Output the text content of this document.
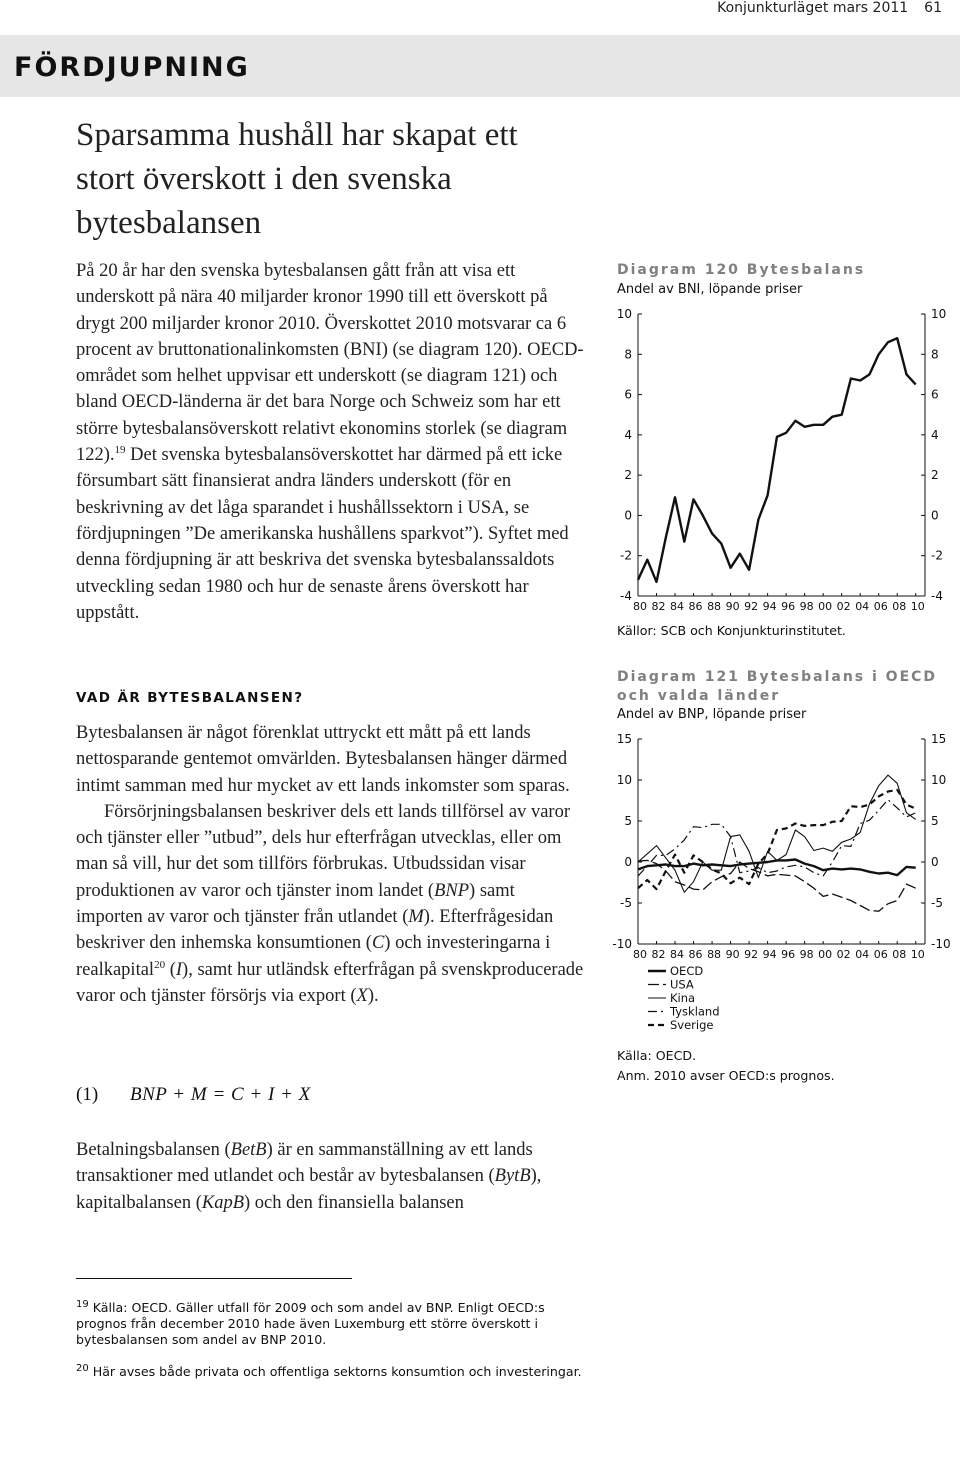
Konjunkturläget mars 2011 61
FÖRDJUPNING
Sparsamma hushåll har skapat ett stort överskott i den svenska bytesbalansen

På 20 år har den svenska bytesbalansen gått från att visa ett underskott på nära 40 miljarder kronor 1990 till ett överskott på drygt 200 miljarder kronor 2010. Överskottet 2010 motsvarar ca 6 procent av bruttonationalinkomsten (BNI) (se diagram 120). OECD-området som helhet uppvisar ett underskott (se diagram 121) och bland OECD-länderna är det bara Norge och Schweiz som har ett större bytesbalansöverskott relativt ekonomins storlek (se diagram 122).$^{19}$ Det svenska bytesbalansöverskottet har därmed på ett icke försumbart sätt finansierat andra länders underskott (för en beskrivning av det låga sparandet i hushållssektorn i USA, se fördjupningen ”De amerikanska hushållens sparkvot”). Syftet med denna fördjupning är att beskriva det svenska bytesbalanssaldots utveckling sedan 1980 och hur de senaste årens överskott har uppstått.

VAD ÄR BYTESBALANSEN?

Bytesbalansen är något förenklat uttryckt ett mått på ett lands nettosparande gentemot omvärlden. Bytesbalansen hänger därmed intimt samman med hur mycket av ett lands inkomster som sparas.

Försörjningsbalansen beskriver dels ett lands tillförsel av varor och tjänster eller ”utbud”, dels hur efterfrågan utvecklas, eller om man så vill, hur det som tillförs förbrukas. Utbudssidan visar produktionen av varor och tjänster inom landet (BNP) samt importen av varor och tjänster från utlandet (M). Efterfrågesidan beskriver den inhemska konsumtionen (C) och investeringarna i realkapital$^{20}$ (I), samt hur utländsk efterfrågan på svenskproducerade varor och tjänster försörjs via export (X).

(1) BNP + M = C + I + X

Betalningsbalansen (BetB) är en sammanställning av ett lands transaktioner med utlandet och består av bytesbalansen (BytB), kapitalbalansen (KapB) och den finansiella balansen

$^{19}$ Källa: OECD. Gäller utfall för 2009 och som andel av BNP. Enligt OECD:s prognos från december 2010 hade även Luxemburg ett större överskott i bytesbalansen som andel av BNP 2010.
$^{20}$ Här avses både privata och offentliga sektorns konsumtion och investeringar.
Diagram 120 Bytesbalans
Andel av BNI, löpande priser
10	10
8	8
6	6
4	4
2	2
0	0
-2	-2
-4	-4
80 82 84 86 88 90 92 94 96 98 00 02 04 06 08 10
Källor: SCB och Konjunkturinstitutet.
Diagram 121 Bytesbalans i OECD och valda länder
Andel av BNP, löpande priser
15	15
10	10
5	5
0	0
-5	-5
-10	-10
80 82 84 86 88 90 92 94 96 98 00 02 04 06 08 10
OECD
USA
Kina
Tyskland
Sverige
Källa: OECD.
Anm. 2010 avser OECD:s prognos.
